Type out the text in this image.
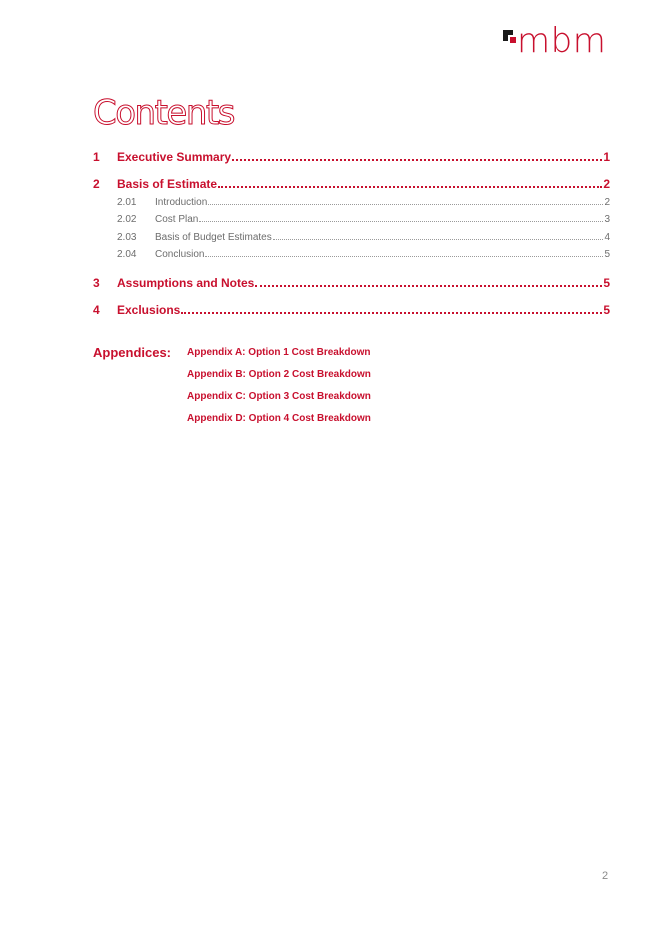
mbm
Contents
1	Executive Summary	1
2	Basis of Estimate	2
2.01	Introduction	2
2.02	Cost Plan	3
2.03	Basis of Budget Estimates	4
2.04	Conclusion	5
3	Assumptions and Notes	5
4	Exclusions	5
Appendices: Appendix A: Option 1 Cost Breakdown
Appendix B: Option 2 Cost Breakdown
Appendix C: Option 3 Cost Breakdown
Appendix D: Option 4 Cost Breakdown
2
